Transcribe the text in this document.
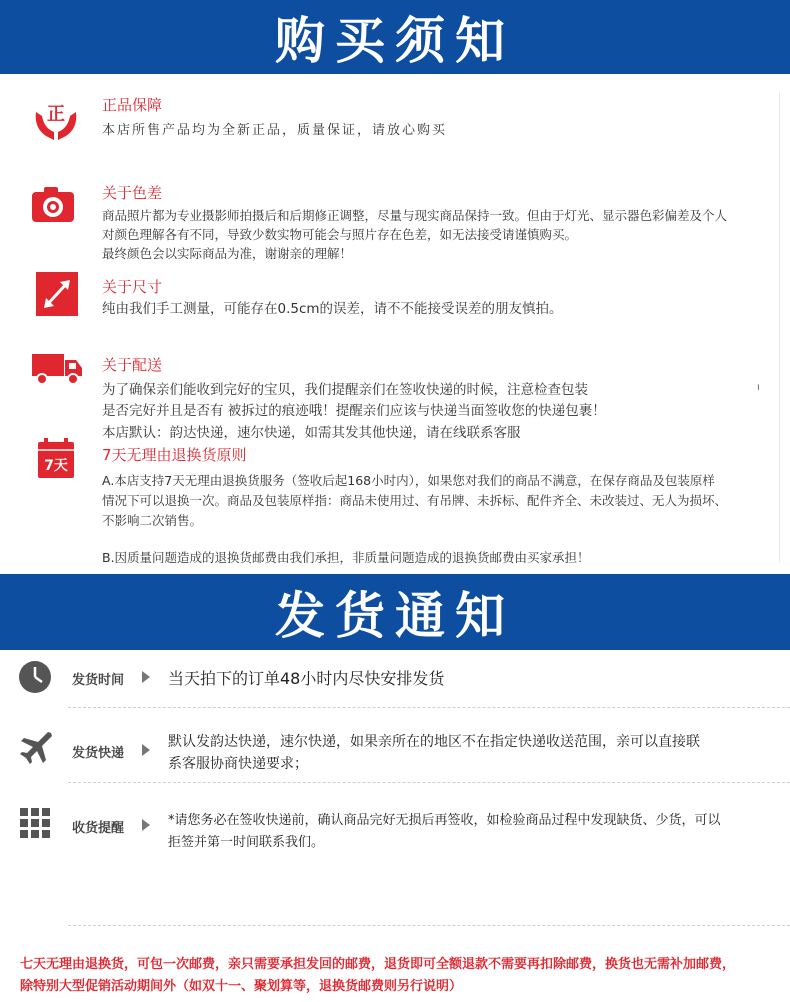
购买须知
正 正品保障
本店所售产品均为全新正品，质量保证，请放心购买
关于色差
商品照片都为专业摄影师拍摄后和后期修正调整，尽量与现实商品保持一致。但由于灯光、显示器色彩偏差及个人
对颜色理解各有不同，导致少数实物可能会与照片存在色差，如无法接受请谨慎购买。
最终颜色会以实际商品为准，谢谢亲的理解！
关于尺寸
纯由我们手工测量，可能存在0.5cm的误差，请不不能接受误差的朋友慎拍。
关于配送
为了确保亲们能收到完好的宝贝，我们提醒亲们在签收快递的时候，注意检查包装
是否完好并且是否有 被拆过的痕迹哦！提醒亲们应该与快递当面签收您的快递包裹！
本店默认：韵达快递，速尔快递，如需其发其他快递，请在线联系客服
ı
7天
7天无理由退换货原则
A.本店支持7天无理由退换货服务（签收后起168小时内），如果您对我们的商品不满意，在保存商品及包装原样
情况下可以退换一次。商品及包装原样指：商品未使用过、有吊牌、未拆标、配件齐全、未改装过、无人为损坏、
不影响二次销售。
B.因质量问题造成的退换货邮费由我们承担，非质量问题造成的退换货邮费由买家承担！
发货通知
发货时间	当天拍下的订单48小时内尽快安排发货
发货快递
默认发韵达快递，速尔快递，如果亲所在的地区不在指定快递收送范围，亲可以直接联
系客服协商快递要求；
收货提醒
*请您务必在签收快递前，确认商品完好无损后再签收，如检验商品过程中发现缺货、少货，可以
拒签并第一时间联系我们。
七天无理由退换货，可包一次邮费，亲只需要承担发回的邮费，退货即可全额退款不需要再扣除邮费，换货也无需补加邮费，
除特别大型促销活动期间外（如双十一、聚划算等，退换货邮费则另行说明）
